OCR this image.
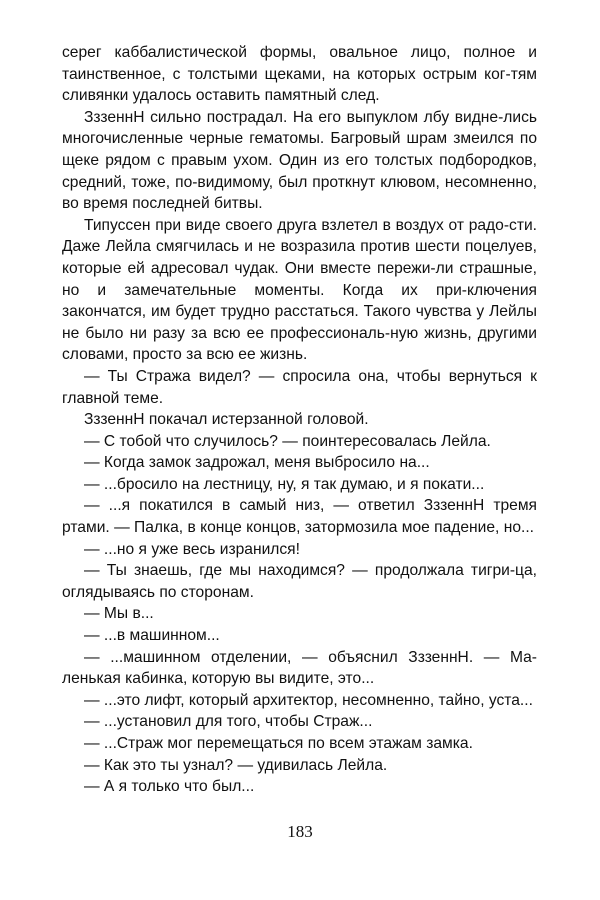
серег каббалистической формы, овальное лицо, полное и таинственное, с толстыми щеками, на которых острым ког-тям сливянки удалось оставить памятный след.

ЗззеннН сильно пострадал. На его выпуклом лбу видне-лись многочисленные черные гематомы. Багровый шрам змеился по щеке рядом с правым ухом. Один из его толстых подбородков, средний, тоже, по-видимому, был проткнут клювом, несомненно, во время последней битвы.

Типуссен при виде своего друга взлетел в воздух от радо-сти. Даже Лейла смягчилась и не возразила против шести поцелуев, которые ей адресовал чудак. Они вместе пережи-ли страшные, но и замечательные моменты. Когда их при-ключения закончатся, им будет трудно расстаться. Такого чувства у Лейлы не было ни разу за всю ее профессиональ-ную жизнь, другими словами, просто за всю ее жизнь.

— Ты Стража видел? — спросила она, чтобы вернуться к главной теме.

ЗззеннН покачал истерзанной головой.

— С тобой что случилось? — поинтересовалась Лейла.

— Когда замок задрожал, меня выбросило на...

— ...бросило на лестницу, ну, я так думаю, и я покати...

— ...я покатился в самый низ, — ответил ЗззеннН тремя ртами. — Палка, в конце концов, затормозила мое падение, но...

— ...но я уже весь изранился!

— Ты знаешь, где мы находимся? — продолжала тигри-ца, оглядываясь по сторонам.

— Мы в...

— ...в машинном...

— ...машинном отделении, — объяснил ЗззеннН. — Ма-ленькая кабинка, которую вы видите, это...

— ...это лифт, который архитектор, несомненно, тайно, уста...

— ...установил для того, чтобы Страж...

— ...Страж мог перемещаться по всем этажам замка.

— Как это ты узнал? — удивилась Лейла.

— А я только что был...

183
